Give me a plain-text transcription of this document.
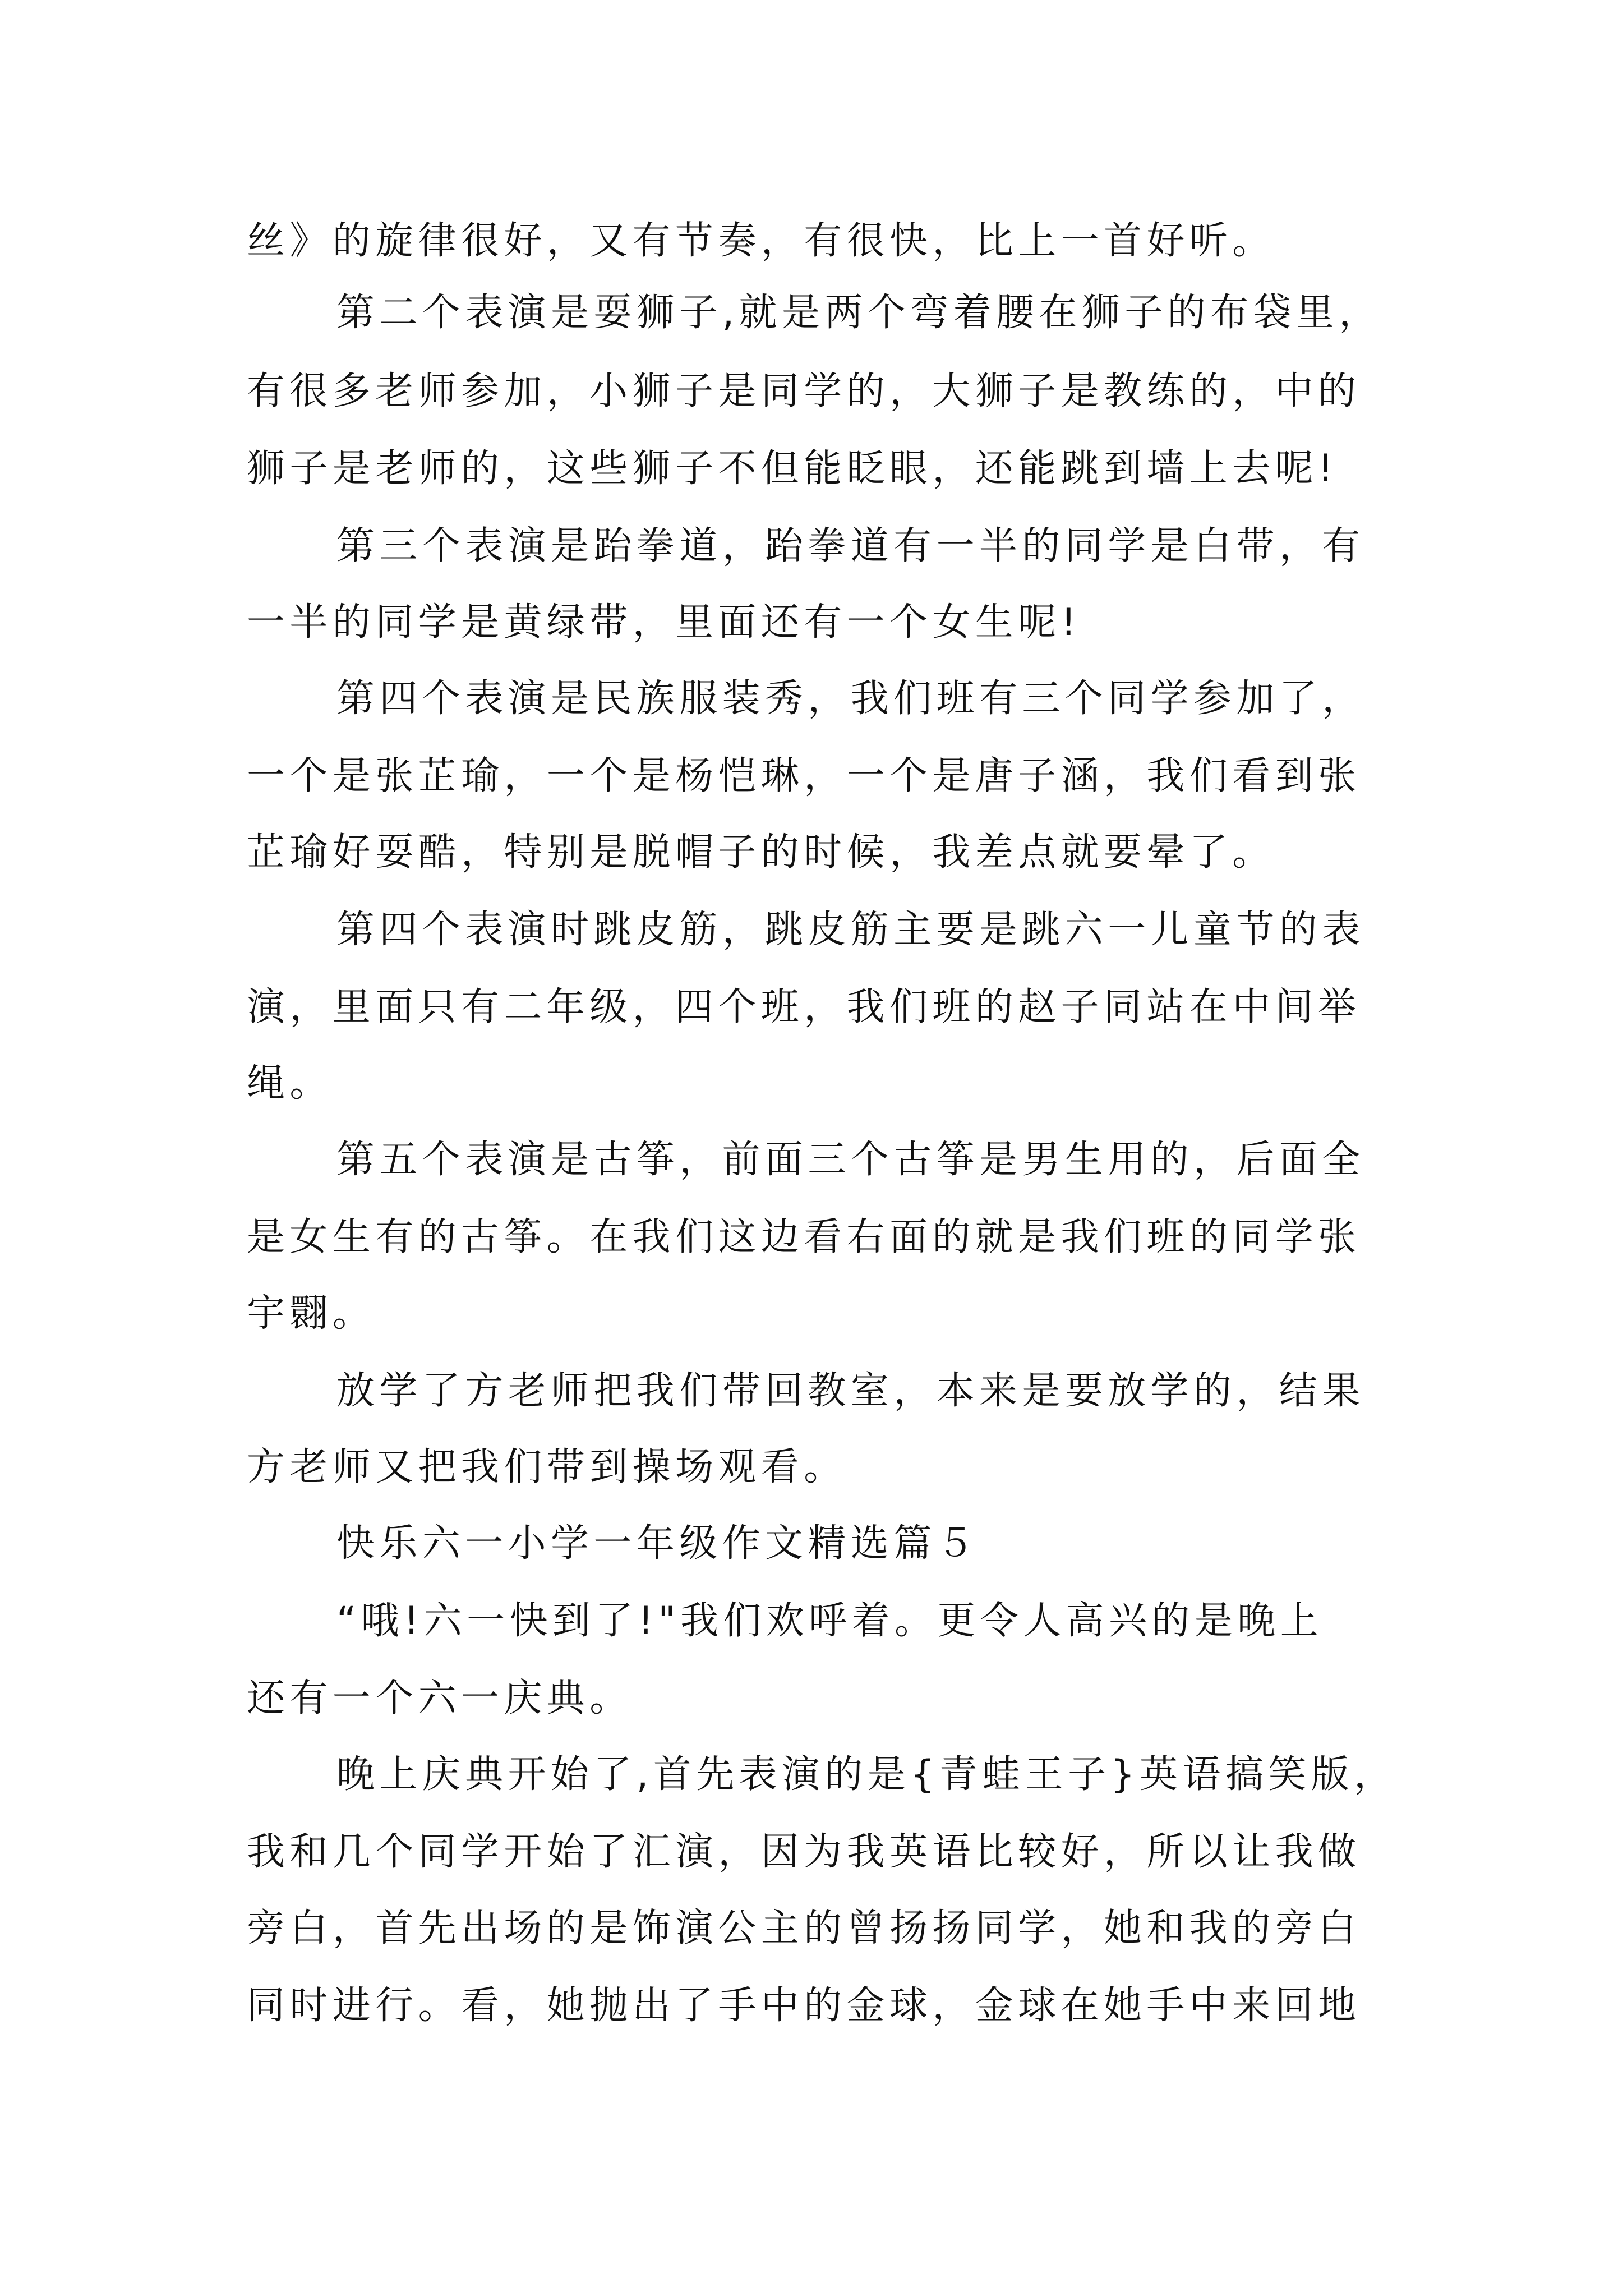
丝》的旋律很好，又有节奏，有很快，比上一首好听。
第二个表演是耍狮子,就是两个弯着腰在狮子的布袋里，
有很多老师参加，小狮子是同学的，大狮子是教练的，中的
狮子是老师的，这些狮子不但能眨眼，还能跳到墙上去呢!
第三个表演是跆拳道，跆拳道有一半的同学是白带，有
一半的同学是黄绿带，里面还有一个女生呢!
第四个表演是民族服装秀，我们班有三个同学参加了，
一个是张芷瑜，一个是杨恺琳，一个是唐子涵，我们看到张
芷瑜好耍酷，特别是脱帽子的时候，我差点就要晕了。
第四个表演时跳皮筋，跳皮筋主要是跳六一儿童节的表
演，里面只有二年级，四个班，我们班的赵子同站在中间举
绳。
第五个表演是古筝，前面三个古筝是男生用的，后面全
是女生有的古筝。在我们这边看右面的就是我们班的同学张
宇翾。
放学了方老师把我们带回教室，本来是要放学的，结果
方老师又把我们带到操场观看。
快乐六一小学一年级作文精选篇５
“哦!六一快到了!"我们欢呼着。更令人高兴的是晚上
还有一个六一庆典。
晚上庆典开始了,首先表演的是{青蛙王子}英语搞笑版，
我和几个同学开始了汇演，因为我英语比较好，所以让我做
旁白，首先出场的是饰演公主的曾扬扬同学，她和我的旁白
同时进行。看，她抛出了手中的金球，金球在她手中来回地
